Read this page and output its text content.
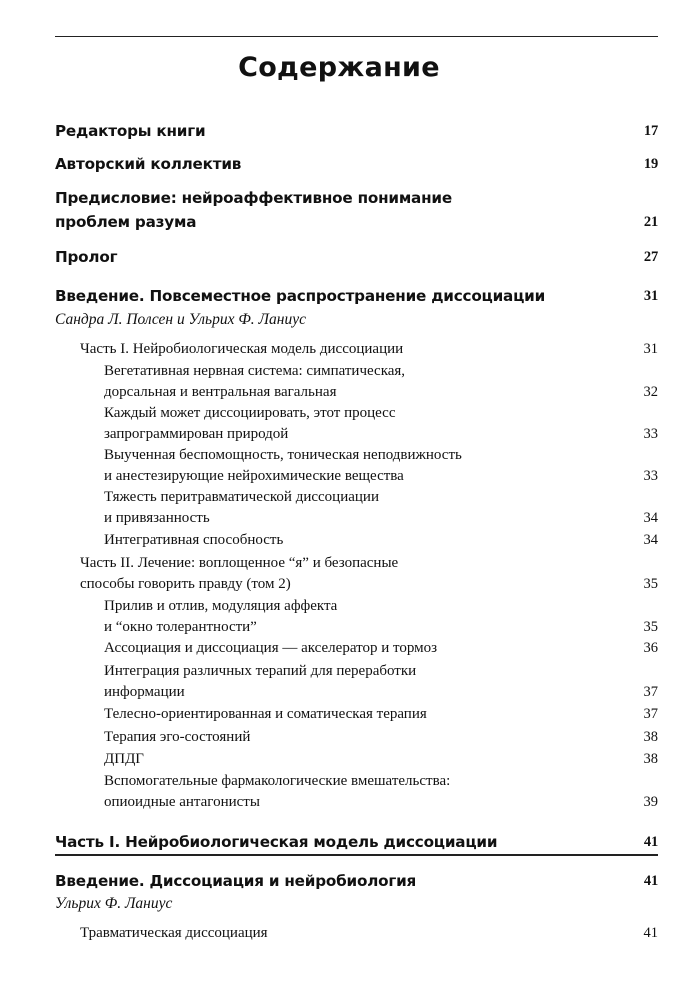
Содержание
Редакторы книги	17
Авторский коллектив	19
Предисловие: нейроаффективное понимание
проблем разума	21
Пролог	27
Введение. Повсеместное распространение диссоциации	31
Сандра Л. Полсен и Ульрих Ф. Ланиус
Часть I. Нейробиологическая модель диссоциации	31
Вегетативная нервная система: симпатическая,
дорсальная и вентральная вагальная	32
Каждый может диссоциировать, этот процесс
запрограммирован природой	33
Выученная беспомощность, тоническая неподвижность
и анестезирующие нейрохимические вещества	33
Тяжесть перитравматической диссоциации
и привязанность	34
Интегративная способность	34
Часть II. Лечение: воплощенное “я” и безопасные
способы говорить правду (том 2)	35
Прилив и отлив, модуляция аффекта
и “окно толерантности”	35
Ассоциация и диссоциация — акселератор и тормоз	36
Интеграция различных терапий для переработки
информации	37
Телесно-ориентированная и соматическая терапия	37
Терапия эго-состояний	38
ДПДГ	38
Вспомогательные фармакологические вмешательства:
опиоидные антагонисты	39
Часть I. Нейробиологическая модель диссоциации	41
Введение. Диссоциация и нейробиология	41
Ульрих Ф. Ланиус
Травматическая диссоциация	41
